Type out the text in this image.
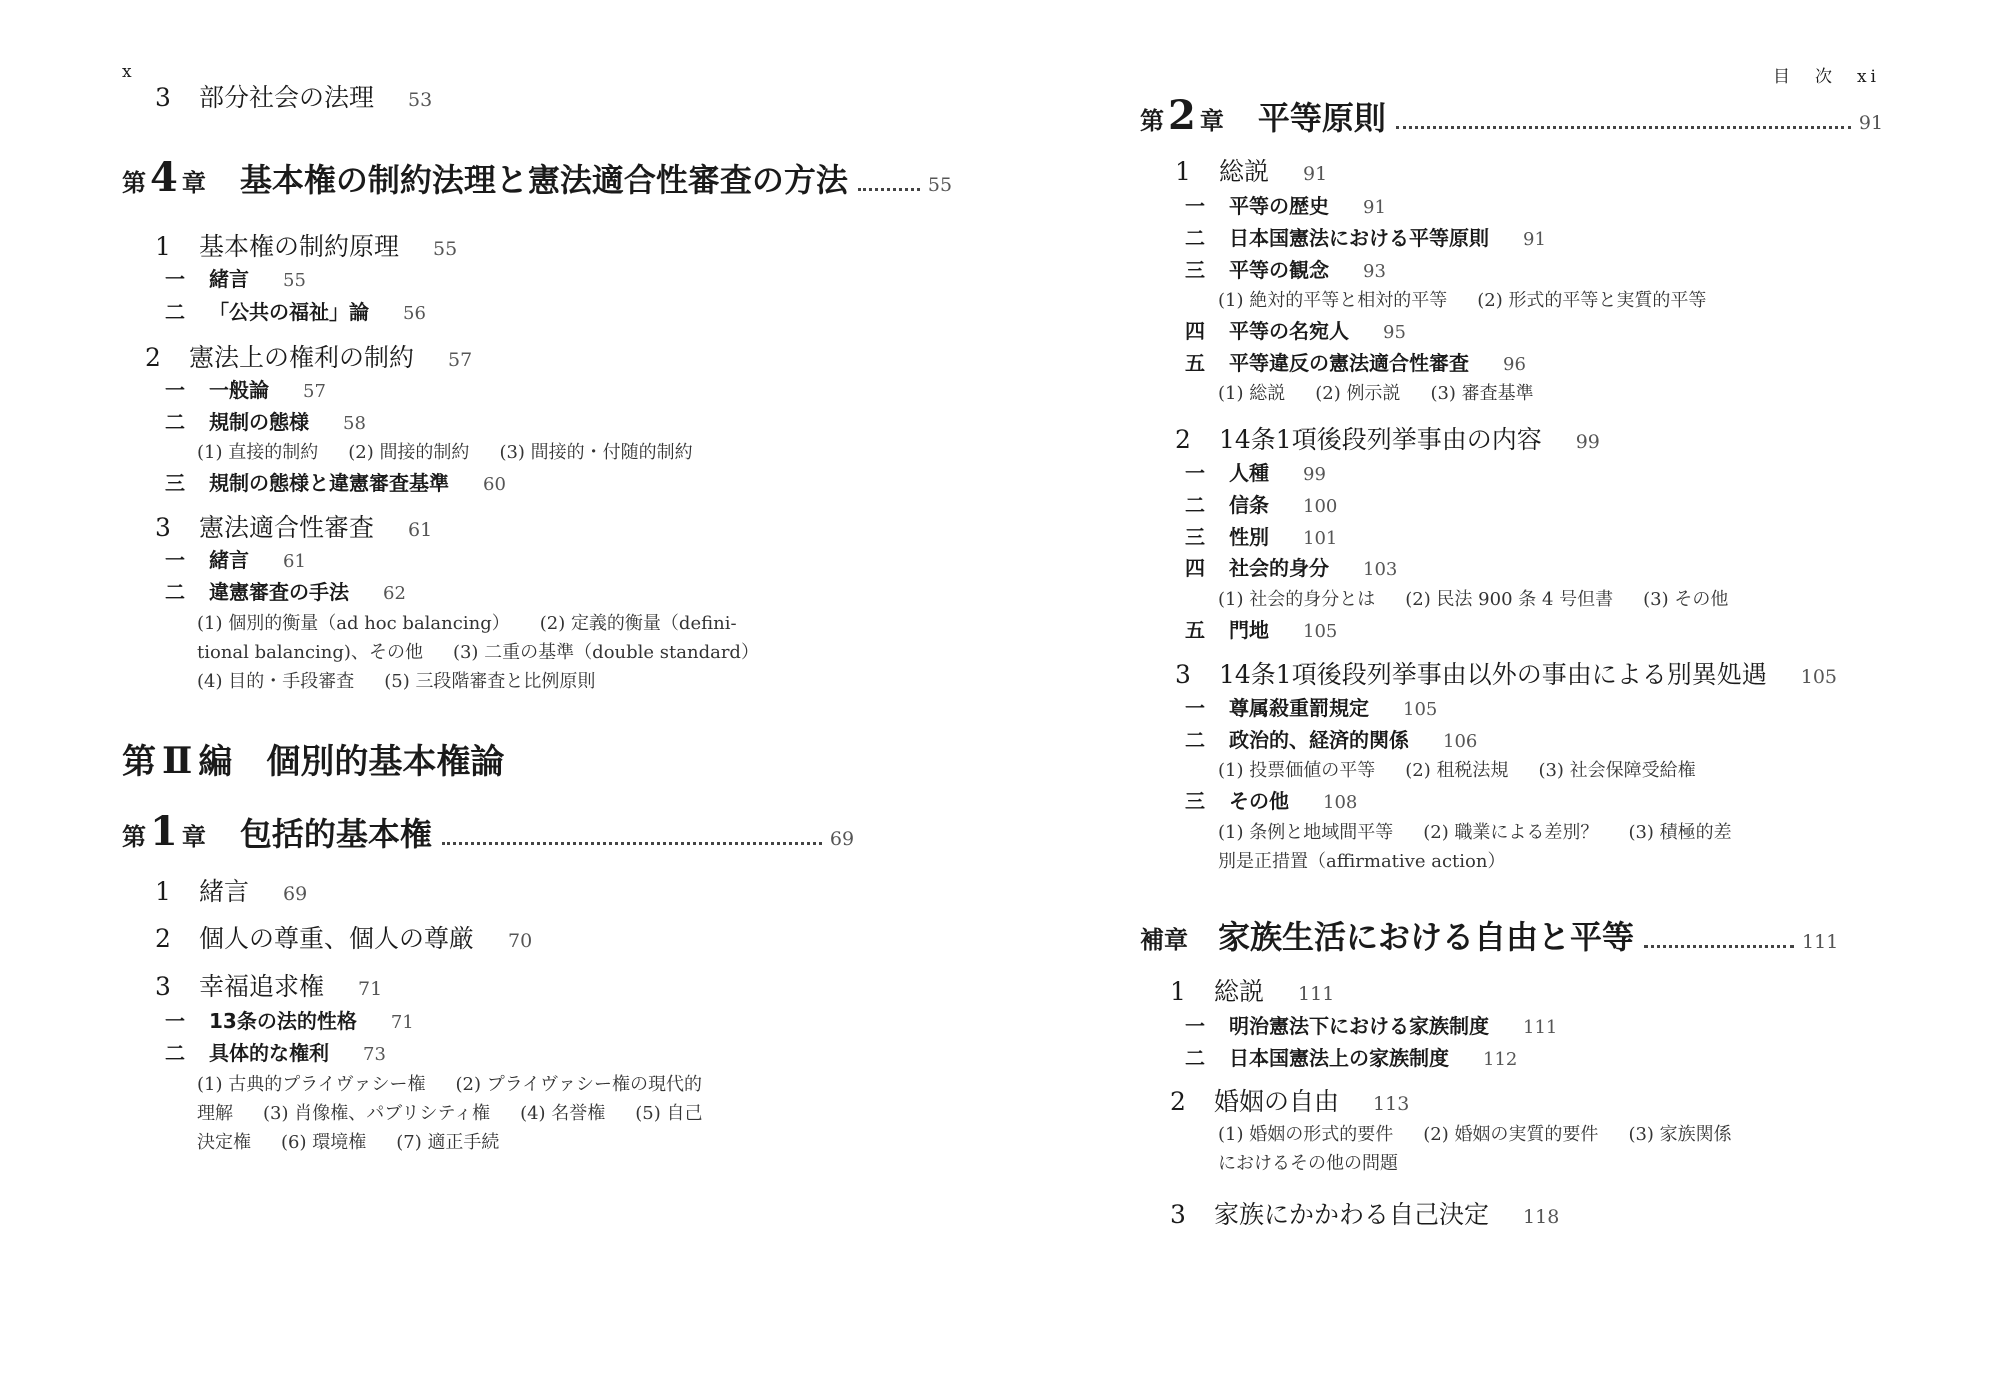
x
3 部分社会の法理 53
第 4 章 基本権の制約法理と憲法適合性審査の方法	55
1 基本権の制約原理 55
一 緒言 55
二 「公共の福祉」論 56
2 憲法上の権利の制約 57
一 一般論 57
二 規制の態様 58
(1) 直接的制約 (2) 間接的制約 (3) 間接的・付随的制約
三 規制の態様と違憲審査基準 60
3 憲法適合性審査 61
一 緒言 61
二 違憲審査の手法 62
(1) 個別的衡量（ad hoc balancing） (2) 定義的衡量（defini-
tional balancing)、その他 (3) 二重の基準（double standard）
(4) 目的・手段審査 (5) 三段階審査と比例原則
第 Ⅱ 編 個別的基本権論
第 1 章 包括的基本権	69
1 緒言 69
2 個人の尊重、個人の尊厳 70
3 幸福追求権 71
一 13条の法的性格 71
二 具体的な権利 73
(1) 古典的プライヴァシー権 (2) プライヴァシー権の現代的
理解 (3) 肖像権、パブリシティ権 (4) 名誉権 (5) 自己
決定権 (6) 環境権 (7) 適正手続
目　次　xi
第 2 章 平等原則	91
1 総説 91
一 平等の歴史 91
二 日本国憲法における平等原則 91
三 平等の観念 93
(1) 絶対的平等と相対的平等 (2) 形式的平等と実質的平等
四 平等の名宛人 95
五 平等違反の憲法適合性審査 96
(1) 総説 (2) 例示説 (3) 審査基準
2 14条1項後段列挙事由の内容 99
一 人種 99
二 信条 100
三 性別 101
四 社会的身分 103
(1) 社会的身分とは (2) 民法 900 条 4 号但書 (3) その他
五 門地 105
3 14条1項後段列挙事由以外の事由による別異処遇 105
一 尊属殺重罰規定 105
二 政治的、経済的関係 106
(1) 投票価値の平等 (2) 租税法規 (3) 社会保障受給権
三 その他 108
(1) 条例と地域間平等 (2) 職業による差別？ (3) 積極的差
別是正措置（affirmative action）
補章 家族生活における自由と平等	111
1 総説 111
一 明治憲法下における家族制度 111
二 日本国憲法上の家族制度 112
2 婚姻の自由 113
(1) 婚姻の形式的要件 (2) 婚姻の実質的要件 (3) 家族関係
におけるその他の問題
3 家族にかかわる自己決定 118
